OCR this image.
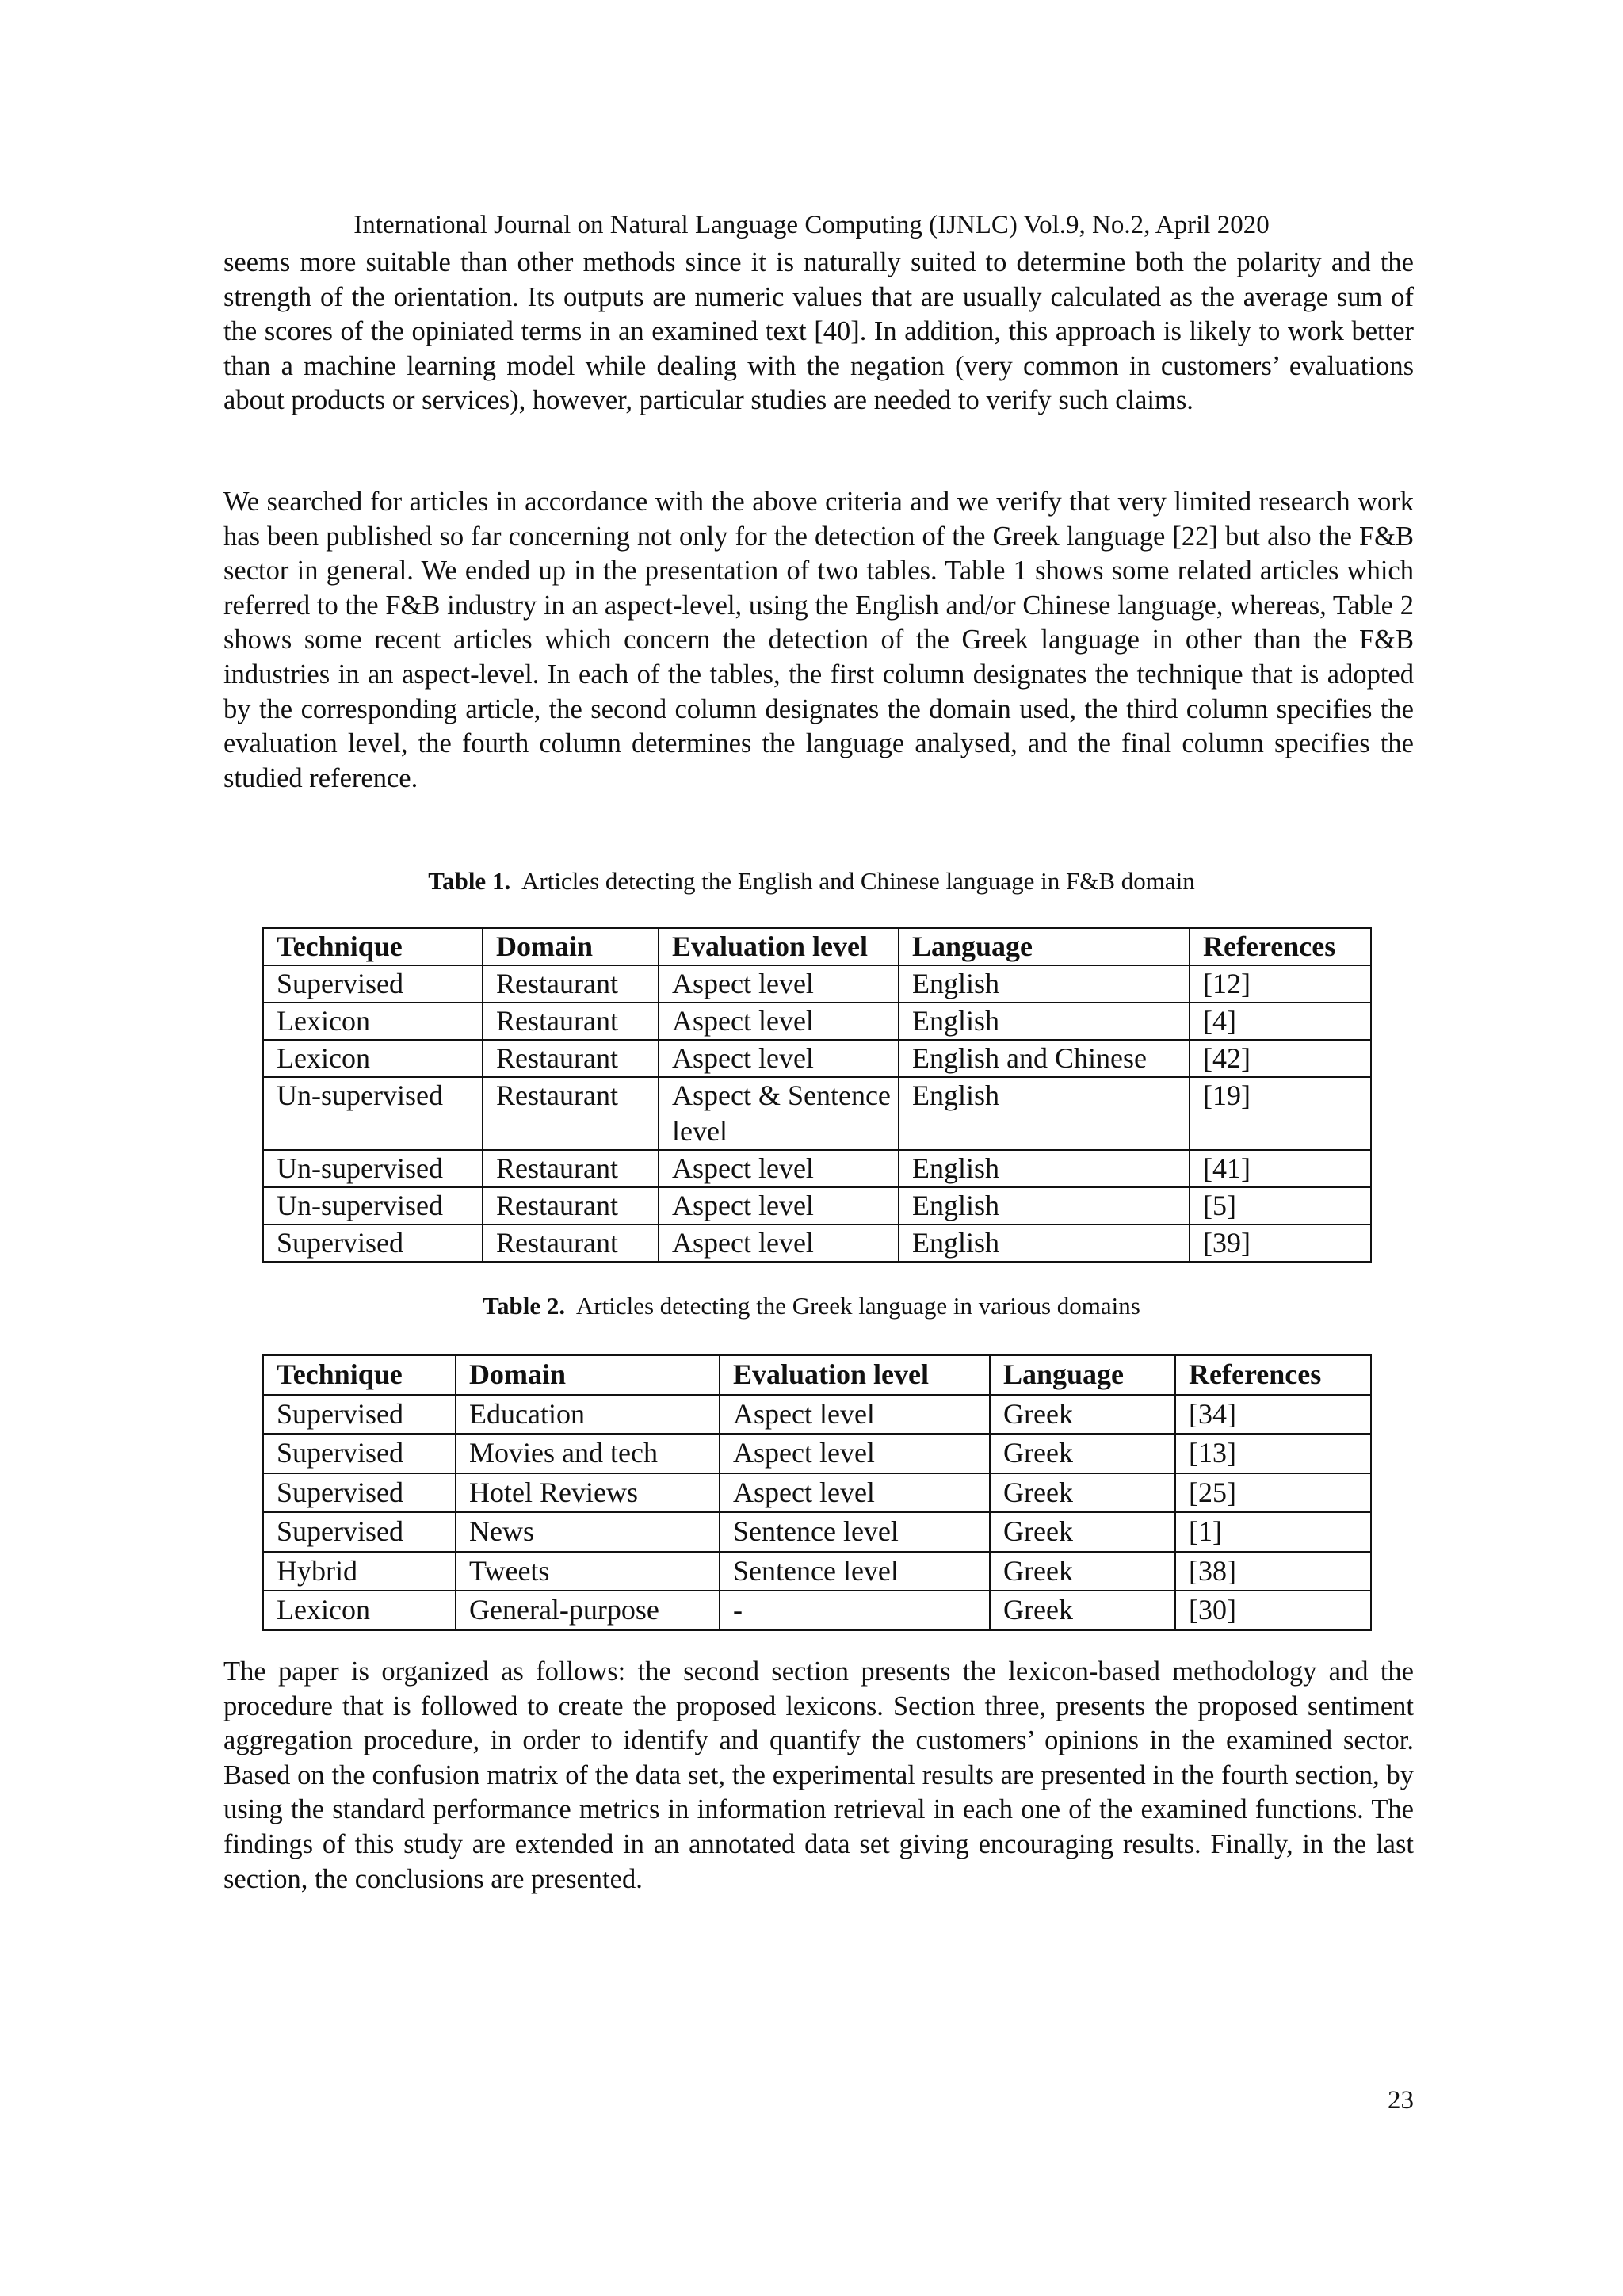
International Journal on Natural Language Computing (IJNLC) Vol.9, No.2, April 2020

seems more suitable than other methods since it is naturally suited to determine both the polarity and the strength of the orientation. Its outputs are numeric values that are usually calculated as the average sum of the scores of the opiniated terms in an examined text [40]. In addition, this approach is likely to work better than a machine learning model while dealing with the negation (very common in customers’ evaluations about products or services), however, particular studies are needed to verify such claims.

We searched for articles in accordance with the above criteria and we verify that very limited research work has been published so far concerning not only for the detection of the Greek language [22] but also the F&B sector in general. We ended up in the presentation of two tables. Table 1 shows some related articles which referred to the F&B industry in an aspect-level, using the English and/or Chinese language, whereas, Table 2 shows some recent articles which concern the detection of the Greek language in other than the F&B industries in an aspect-level. In each of the tables, the first column designates the technique that is adopted by the corresponding article, the second column designates the domain used, the third column specifies the evaluation level, the fourth column determines the language analysed, and the final column specifies the studied reference.

Table 1. Articles detecting the English and Chinese language in F&B domain
Technique	Domain	Evaluation level	Language	References
Supervised	Restaurant	Aspect level	English	[12]
Lexicon	Restaurant	Aspect level	English	[4]
Lexicon	Restaurant	Aspect level	English and Chinese	[42]
Un-supervised	Restaurant	Aspect & Sentence level	English	[19]
Un-supervised	Restaurant	Aspect level	English	[41]
Un-supervised	Restaurant	Aspect level	English	[5]
Supervised	Restaurant	Aspect level	English	[39]
Table 2. Articles detecting the Greek language in various domains
Technique	Domain	Evaluation level	Language	References
Supervised	Education	Aspect level	Greek	[34]
Supervised	Movies and tech	Aspect level	Greek	[13]
Supervised	Hotel Reviews	Aspect level	Greek	[25]
Supervised	News	Sentence level	Greek	[1]
Hybrid	Tweets	Sentence level	Greek	[38]
Lexicon	General-purpose	-	Greek	[30]

The paper is organized as follows: the second section presents the lexicon-based methodology and the procedure that is followed to create the proposed lexicons. Section three, presents the proposed sentiment aggregation procedure, in order to identify and quantify the customers’ opinions in the examined sector. Based on the confusion matrix of the data set, the experimental results are presented in the fourth section, by using the standard performance metrics in information retrieval in each one of the examined functions. The findings of this study are extended in an annotated data set giving encouraging results. Finally, in the last section, the conclusions are presented.

23
